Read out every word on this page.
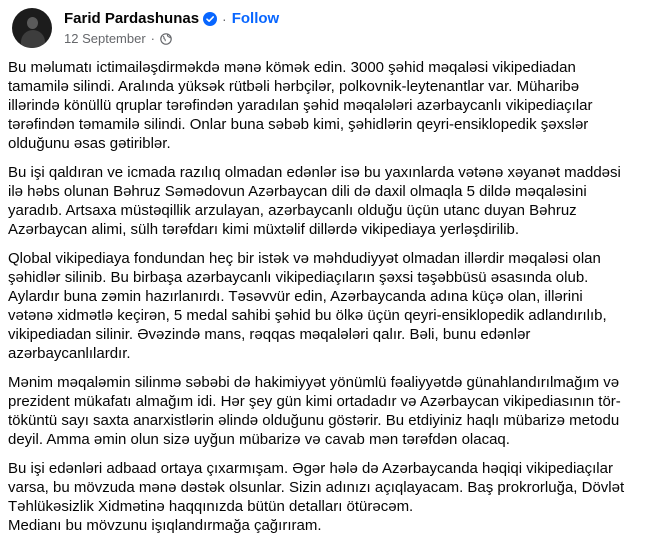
Farid Pardashunas · Follow
12 September ·

Bu məlumatı ictimailəşdirməkdə mənə kömək edin. 3000 şəhid məqaləsi vikipediadan
tamamilə silindi. Aralında yüksək rütbəli hərbçilər, polkovnik-leytenantlar var. Müharibə
illərində könüllü qruplar tərəfindən yaradılan şəhid məqalələri azərbaycanlı vikipediaçılar
tərəfindən təmamilə silindi. Onlar buna səbəb kimi, şəhidlərin qeyri-ensiklopedik şəxslər
olduğunu əsas gətiriblər.

Bu işi qaldıran ve icmada razılıq olmadan edənlər isə bu yaxınlarda vətənə xəyanət maddəsi
ilə həbs olunan Bəhruz Səmədovun Azərbaycan dili də daxil olmaqla 5 dildə məqaləsini
yaradıb. Artsaxa müstəqillik arzulayan, azərbaycanlı olduğu üçün utanc duyan Bəhruz
Azərbaycan alimi, sülh tərəfdarı kimi müxtəlif dillərdə vikipediaya yerləşdirilib.

Qlobal vikipediaya fondundan heç bir istək və məhdudiyyət olmadan illərdir məqaləsi olan
şəhidlər silinib. Bu birbaşa azərbaycanlı vikipediaçıların şəxsi təşəbbüsü əsasında olub.
Aylardır buna zəmin hazırlanırdı. Təsəvvür edin, Azərbaycanda adına küçə olan, illərini
vətənə xidmətlə keçirən, 5 medal sahibi şəhid bu ölkə üçün qeyri-ensiklopedik adlandırılıb,
vikipediadan silinir. Əvəzində mans, rəqqas məqalələri qalır. Bəli, bunu edənlər
azərbaycanlılardır.

Mənim məqaləmin silinmə səbəbi də hakimiyyət yönümlü fəaliyyətdə günahlandırılmağım və
prezident mükafatı almağım idi. Hər şey gün kimi ortadadır və Azərbaycan vikipediasının tör-
töküntü sayı saxta anarxistlərin əlində olduğunu göstərir. Bu etdiyiniz haqlı mübarizə metodu
deyil. Amma əmin olun sizə uyğun mübarizə və cavab mən tərəfdən olacaq.

Bu işi edənləri adbaad ortaya çıxarmışam. Əgər hələ də Azərbaycanda həqiqi vikipediaçılar
varsa, bu mövzuda mənə dəstək olsunlar. Sizin adınızı açıqlayacam. Baş prokrorluğa, Dövlət
Təhlükəsizlik Xidmətinə haqqınızda bütün detalları ötürəcəm.
Medianı bu mövzunu işıqlandırmağa çağırıram.
